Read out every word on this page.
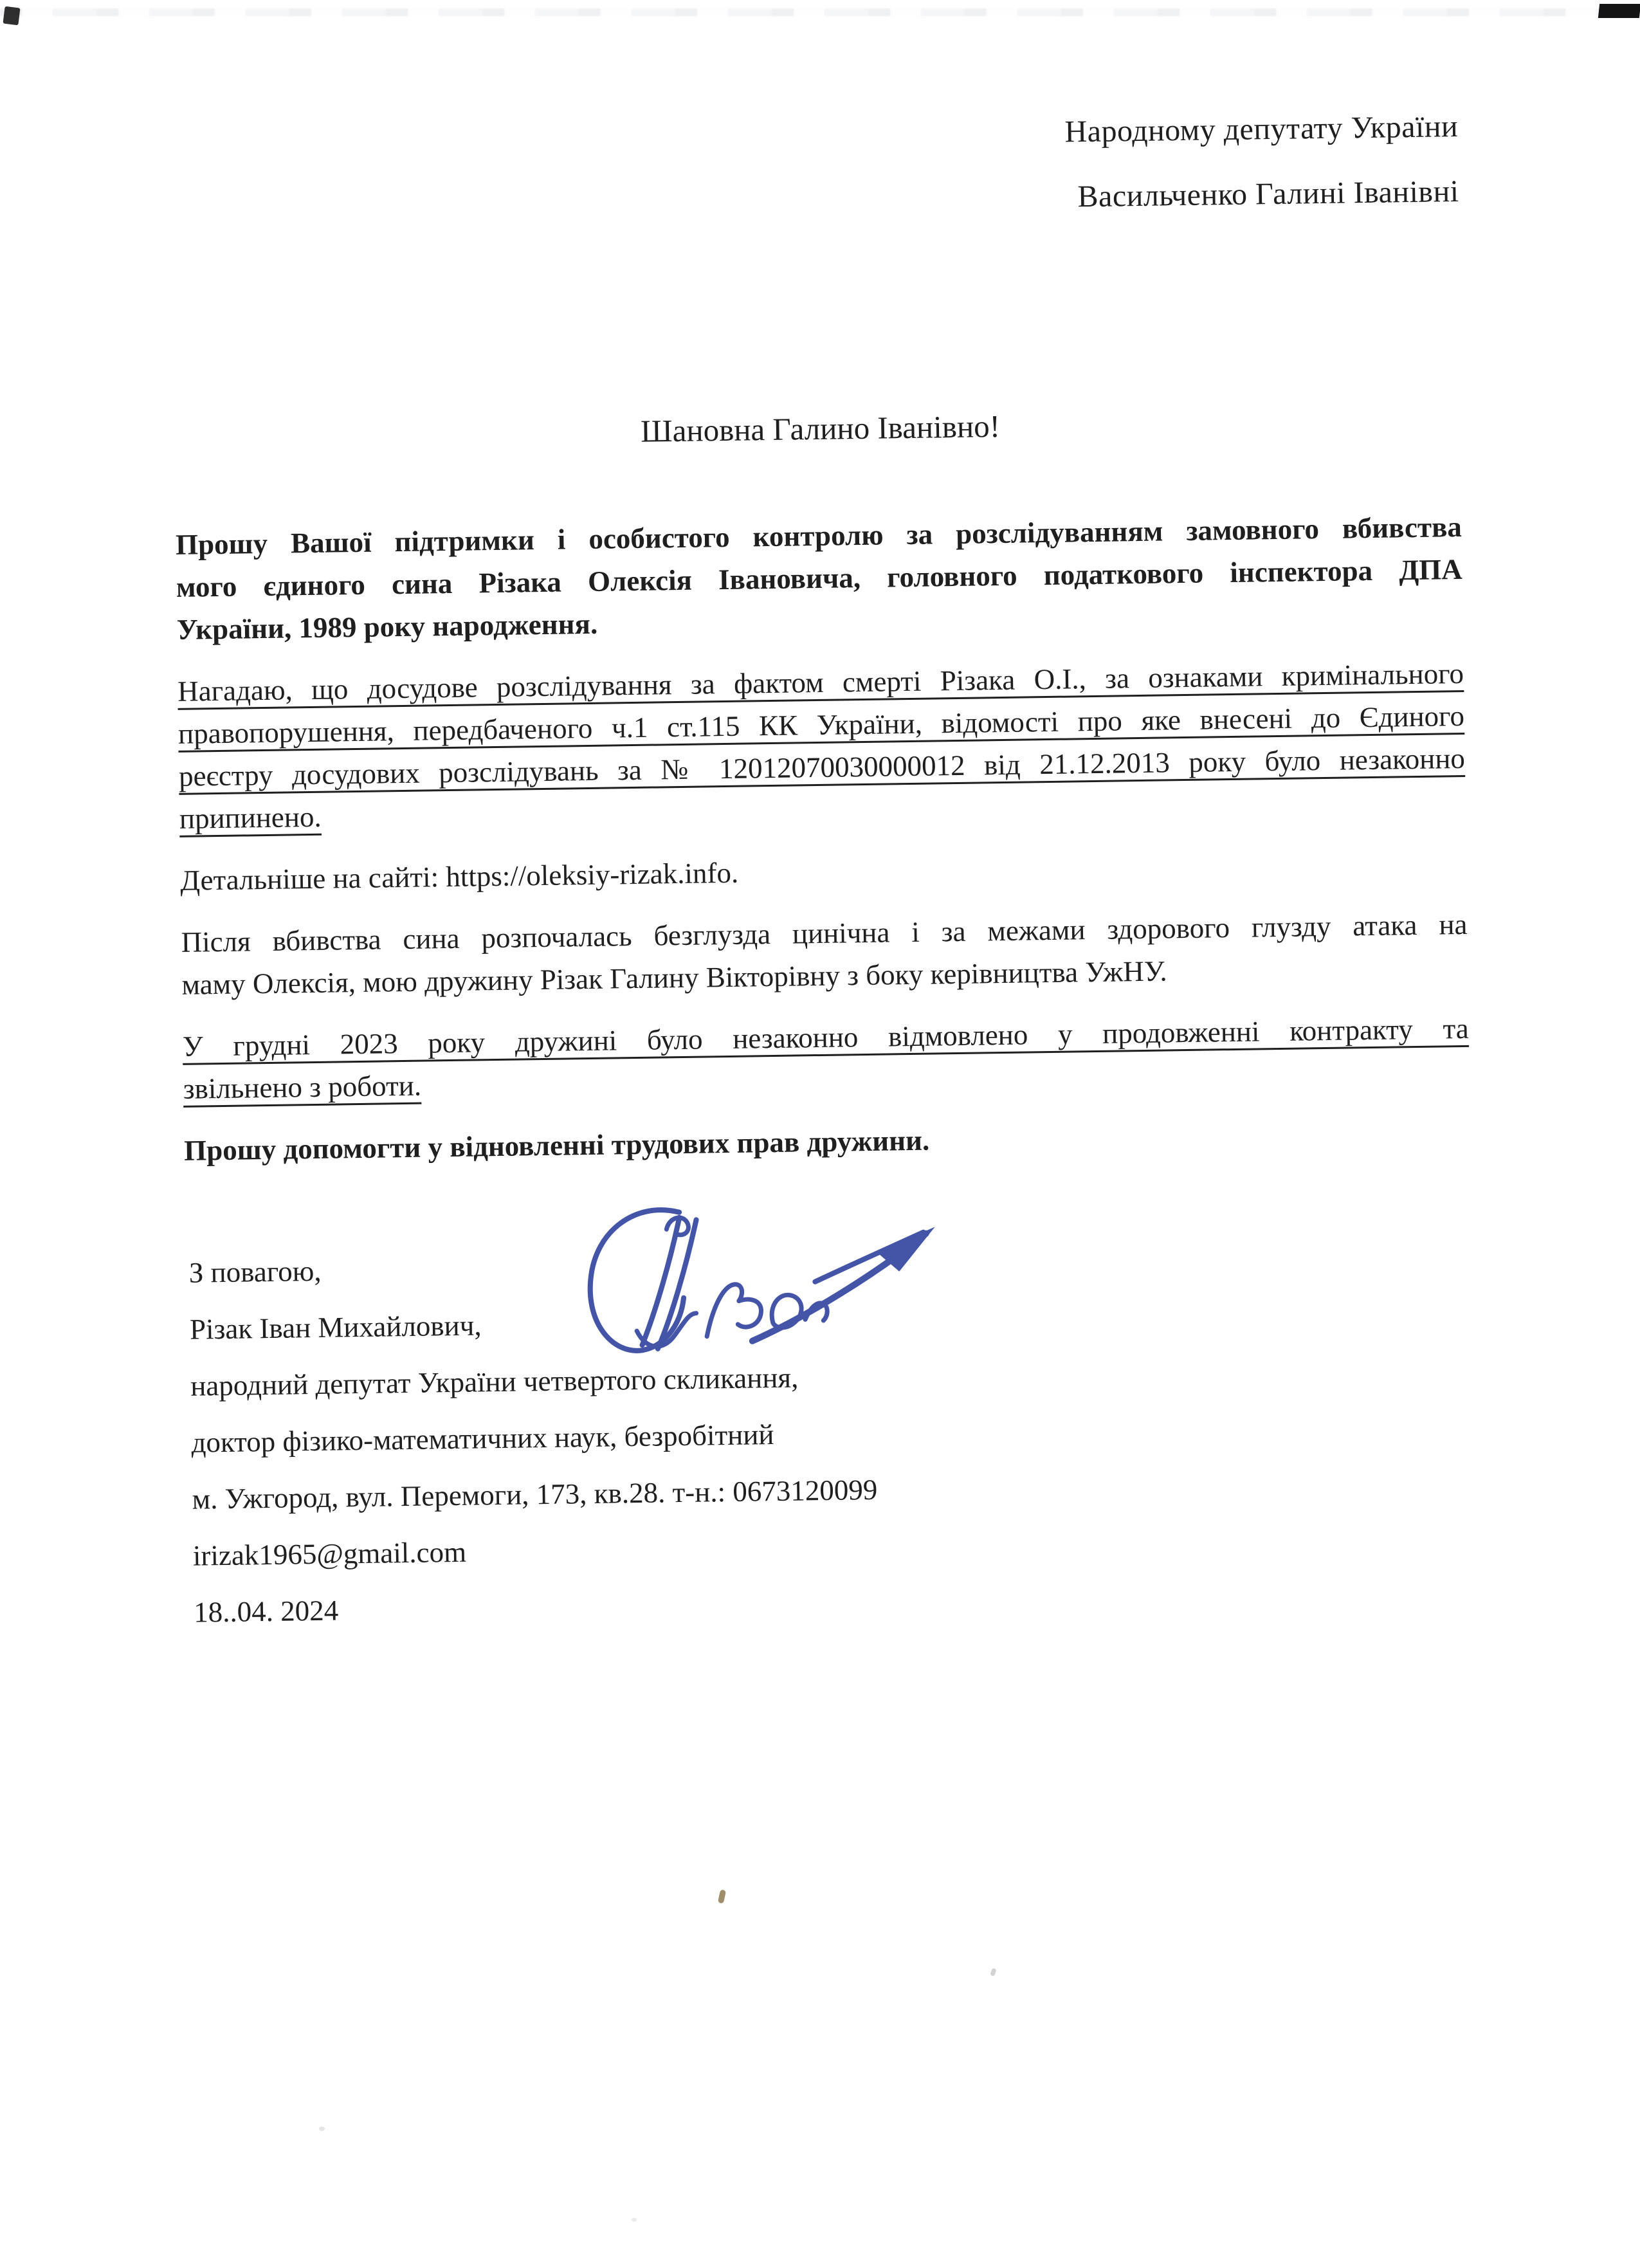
Народному депутату України
Васильченко Галині Іванівні
Шановна Галино Іванівно!
Прошу Вашої підтримки і особистого контролю за розслідуванням замовного вбивства
мого єдиного сина Різака Олексія Івановича, головного податкового інспектора ДПА
України, 1989 року народження.
Нагадаю, що досудове розслідування за фактом смерті Різака О.І., за ознаками кримінального
правопорушення, передбаченого ч.1 ст.115 КК України, відомості про яке внесені до Єдиного
реєстру досудових розслідувань за № 12012070030000012 від 21.12.2013 року було незаконно
припинено.
Детальніше на сайті: https://oleksiy-rizak.info.
Після вбивства сина розпочалась безглузда цинічна і за межами здорового глузду атака на
маму Олексія, мою дружину Різак Галину Вікторівну з боку керівництва УжНУ.
У грудні 2023 року дружині було незаконно відмовлено у продовженні контракту та
звільнено з роботи.
Прошу допомогти у відновленні трудових прав дружини.
З повагою,
Різак Іван Михайлович,
народний депутат України четвертого скликання,
доктор фізико-математичних наук, безробітний
м. Ужгород, вул. Перемоги, 173, кв.28. т-н.: 0673120099
irizak1965@gmail.com
18..04. 2024
